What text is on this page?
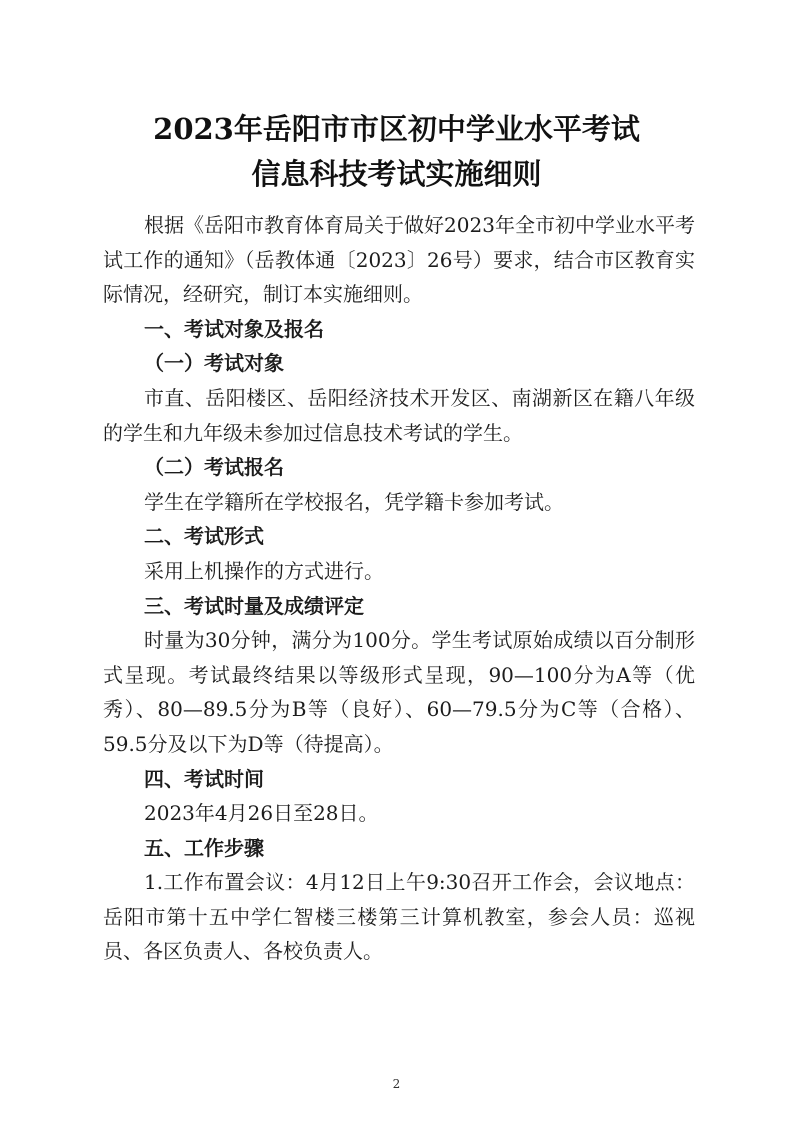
2023年岳阳市市区初中学业水平考试
信息科技考试实施细则

根据《岳阳市教育体育局关于做好2023年全市初中学业水平考试工作的通知》（岳教体通〔2023〕26号）要求，结合市区教育实际情况，经研究，制订本实施细则。

一、考试对象及报名

（一）考试对象

市直、岳阳楼区、岳阳经济技术开发区、南湖新区在籍八年级的学生和九年级未参加过信息技术考试的学生。

（二）考试报名

学生在学籍所在学校报名，凭学籍卡参加考试。

二、考试形式

采用上机操作的方式进行。

三、考试时量及成绩评定

时量为30分钟，满分为100分。学生考试原始成绩以百分制形式呈现。考试最终结果以等级形式呈现，90—100分为A等（优秀）、80—89.5分为B等（良好）、60—79.5分为C等（合格）、59.5分及以下为D等（待提高）。

四、考试时间

2023年4月26日至28日。

五、工作步骤

1.工作布置会议：4月12日上午9:30召开工作会，会议地点：岳阳市第十五中学仁智楼三楼第三计算机教室，参会人员：巡视员、各区负责人、各校负责人。

2
